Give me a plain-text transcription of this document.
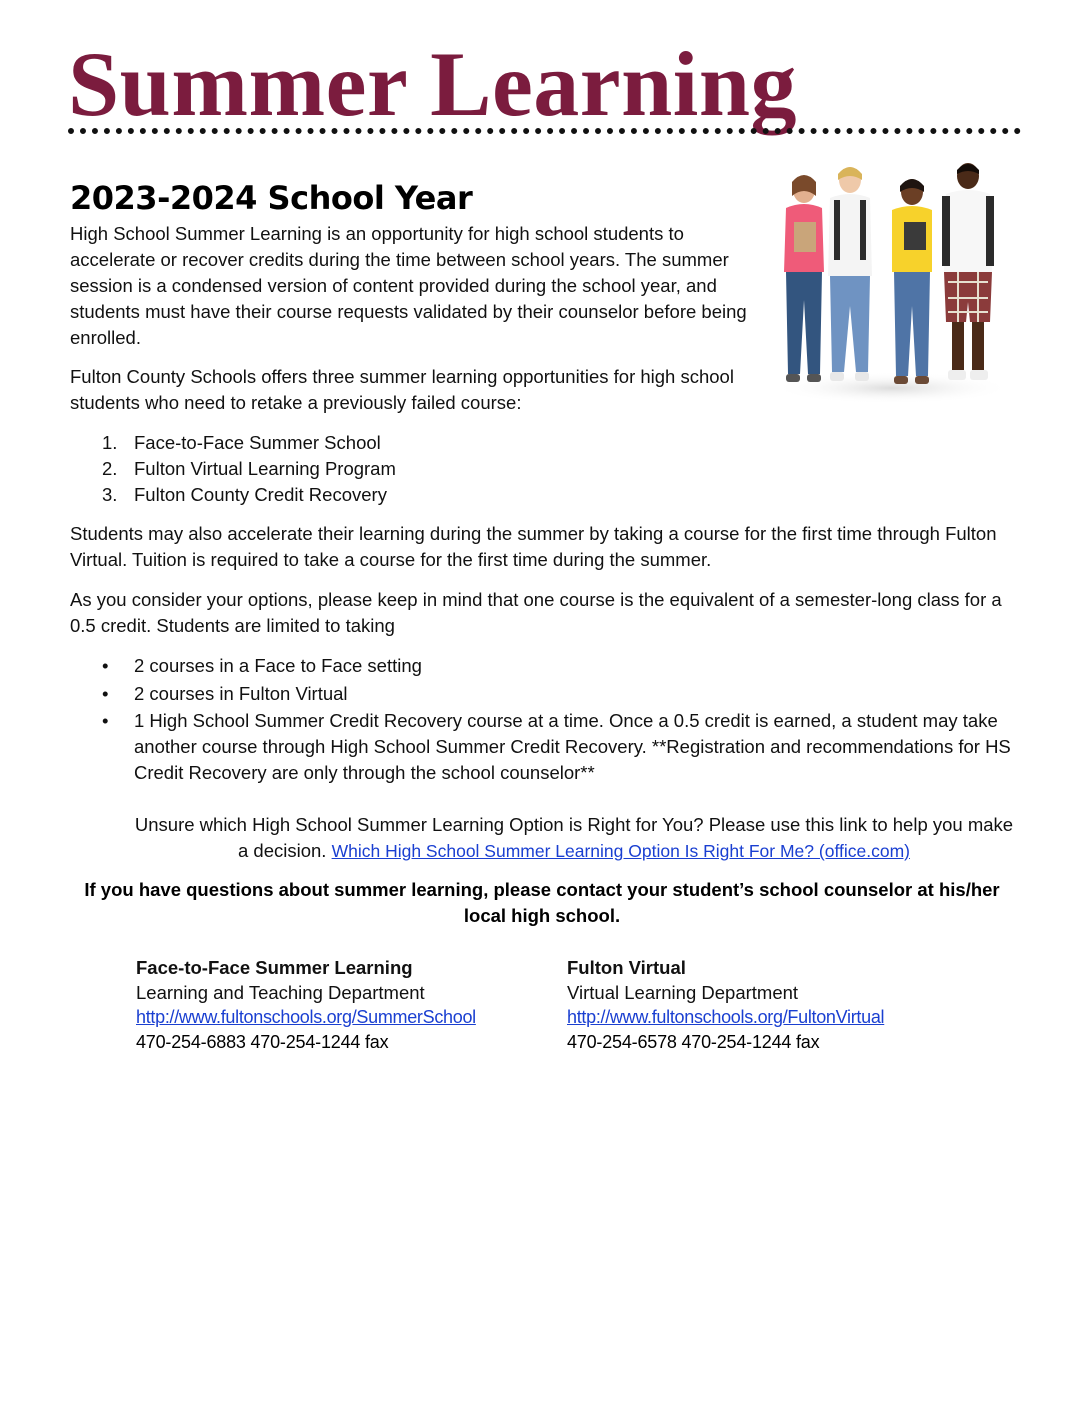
Summer Learning
2023-2024 School Year
High School Summer Learning is an opportunity for high school students to accelerate or recover credits during the time between school years. The summer session is a condensed version of content provided during the school year, and students must have their course requests validated by their counselor before being enrolled.
Fulton County Schools offers three summer learning opportunities for high school students who need to retake a previously failed course:
1. Face-to-Face Summer School
2. Fulton Virtual Learning Program
3. Fulton County Credit Recovery
Students may also accelerate their learning during the summer by taking a course for the first time through Fulton Virtual. Tuition is required to take a course for the first time during the summer.
As you consider your options, please keep in mind that one course is the equivalent of a semester-long class for a 0.5 credit. Students are limited to taking
• 2 courses in a Face to Face setting
• 2 courses in Fulton Virtual
• 1 High School Summer Credit Recovery course at a time. Once a 0.5 credit is earned, a student may take another course through High School Summer Credit Recovery. **Registration and recommendations for HS Credit Recovery are only through the school counselor**
Unsure which High School Summer Learning Option is Right for You? Please use this link to help you make a decision. Which High School Summer Learning Option Is Right For Me? (office.com)
If you have questions about summer learning, please contact your student’s school counselor at his/her local high school.
Face-to-Face Summer Learning
Learning and Teaching Department
http://www.fultonschools.org/SummerSchool
470-254-6883 470-254-1244 fax
Fulton Virtual
Virtual Learning Department
http://www.fultonschools.org/FultonVirtual
470-254-6578 470-254-1244 fax
